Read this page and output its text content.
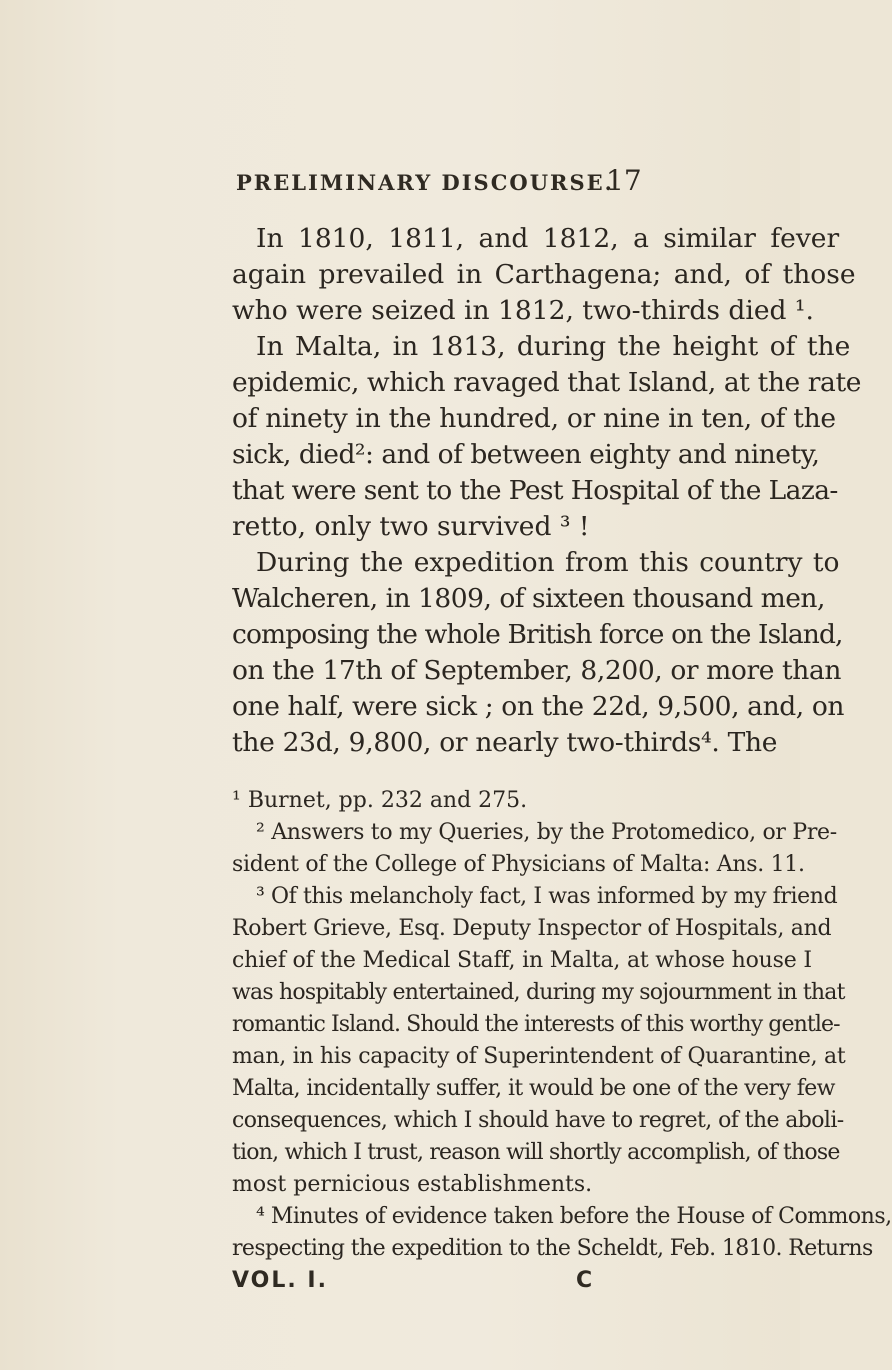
PRELIMINARY DISCOURSE.
17
In 1810, 1811, and 1812, a similar fever
again prevailed in Carthagena; and, of those
who were seized in 1812, two-thirds died ¹.
In Malta, in 1813, during the height of the
epidemic, which ravaged that Island, at the rate
of ninety in the hundred, or nine in ten, of the
sick, died²: and of between eighty and ninety,
that were sent to the Pest Hospital of the Laza-
retto, only two survived ³ !
During the expedition from this country to
Walcheren, in 1809, of sixteen thousand men,
composing the whole British force on the Island,
on the 17th of September, 8,200, or more than
one half, were sick ; on the 22d, 9,500, and, on
the 23d, 9,800, or nearly two-thirds⁴. The
¹ Burnet, pp. 232 and 275.
² Answers to my Queries, by the Protomedico, or Pre-
sident of the College of Physicians of Malta: Ans. 11.
³ Of this melancholy fact, I was informed by my friend
Robert Grieve, Esq. Deputy Inspector of Hospitals, and
chief of the Medical Staff, in Malta, at whose house I
was hospitably entertained, during my sojournment in that
romantic Island. Should the interests of this worthy gentle-
man, in his capacity of Superintendent of Quarantine, at
Malta, incidentally suffer, it would be one of the very few
consequences, which I should have to regret, of the aboli-
tion, which I trust, reason will shortly accomplish, of those
most pernicious establishments.
⁴ Minutes of evidence taken before the House of Commons,
respecting the expedition to the Scheldt, Feb. 1810. Returns
VOL. I.	C
